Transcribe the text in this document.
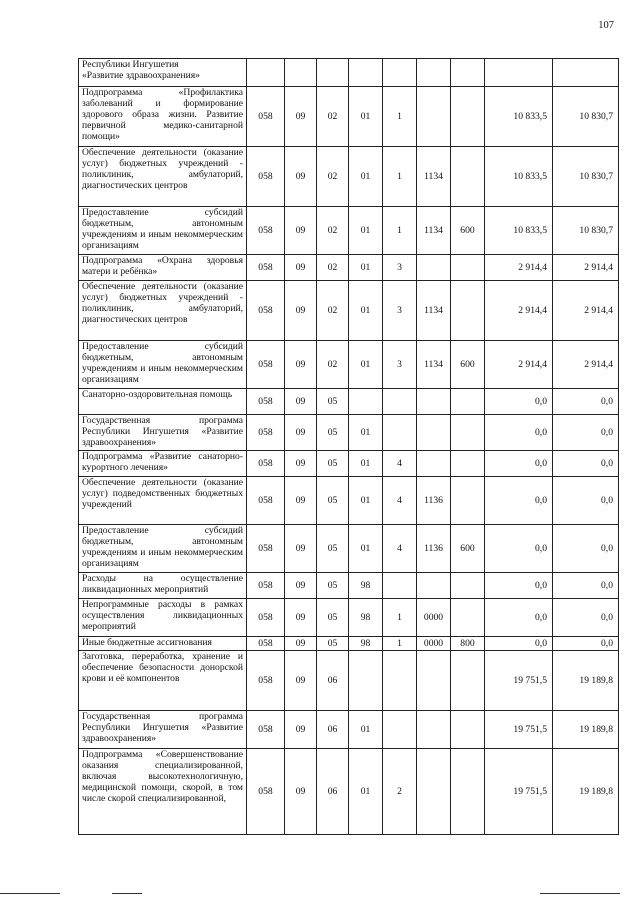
107
Республики Ингушетия
«Развитие здравоохранения»									

Подпрограмма «Профилактика заболеваний и формирование здорового образа жизни. Развитие первичной медико-санитарной помощи»	058	09	02	01	1			10 833,5	10 830,7

Обеспечение деятельности (оказание услуг) бюджетных учреждений - поликлиник, амбулаторий, диагностических центров	058	09	02	01	1	1134		10 833,5	10 830,7

Предоставление субсидий бюджетным, автономным учреждениям и иным некоммерческим организациям	058	09	02	01	1	1134	600	10 833,5	10 830,7

Подпрограмма «Охрана здоровья матери и ребёнка»	058	09	02	01	3			2 914,4	2 914,4

Обеспечение деятельности (оказание услуг) бюджетных учреждений - поликлиник, амбулаторий, диагностических центров	058	09	02	01	3	1134		2 914,4	2 914,4

Предоставление субсидий бюджетным, автономным учреждениям и иным некоммерческим организациям	058	09	02	01	3	1134	600	2 914,4	2 914,4

Санаторно-оздоровительная помощь	058	09	05					0,0	0,0

Государственная программа Республики Ингушетия «Развитие здравоохранения»	058	09	05	01				0,0	0,0

Подпрограмма «Развитие санаторно-курортного лечения»	058	09	05	01	4			0,0	0,0

Обеспечение деятельности (оказание услуг) подведомственных бюджетных учреждений	058	09	05	01	4	1136		0,0	0,0

Предоставление субсидий бюджетным, автономным учреждениям и иным некоммерческим организациям	058	09	05	01	4	1136	600	0,0	0,0

Расходы на осуществление ликвидационных мероприятий	058	09	05	98				0,0	0,0

Непрограммные расходы в рамках осуществления ликвидационных мероприятий	058	09	05	98	1	0000		0,0	0,0

Иные бюджетные ассигнования	058	09	05	98	1	0000	800	0,0	0,0

Заготовка, переработка, хранение и обеспечение безопасности донорской крови и её компонентов	058	09	06					19 751,5	19 189,8

Государственная программа Республики Ингушетия «Развитие здравоохранения»	058	09	06	01				19 751,5	19 189,8

Подпрограмма «Совершенствование оказания специализированной, включая высокотехнологичную, медицинской помощи, скорой, в том числе скорой специализированной,	058	09	06	01	2			19 751,5	19 189,8
